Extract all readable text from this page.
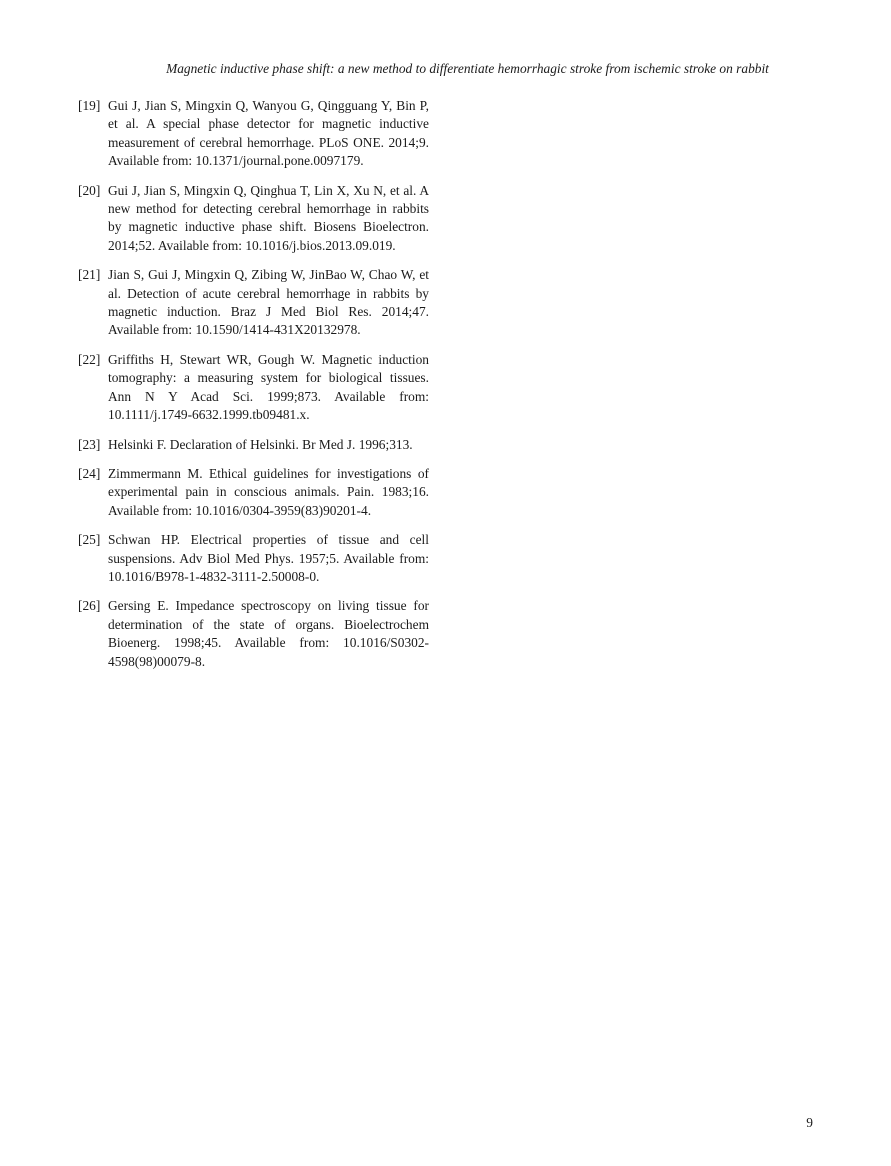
Magnetic inductive phase shift: a new method to differentiate hemorrhagic stroke from ischemic stroke on rabbit
[19] Gui J, Jian S, Mingxin Q, Wanyou G, Qingguang Y, Bin P, et al. A special phase detector for magnetic inductive measurement of cerebral hemorrhage. PLoS ONE. 2014;9. Available from: 10.1371/journal.pone.0097179.
[20] Gui J, Jian S, Mingxin Q, Qinghua T, Lin X, Xu N, et al. A new method for detecting cerebral hemorrhage in rabbits by magnetic inductive phase shift. Biosens Bioelectron. 2014;52. Available from: 10.1016/j.bios.2013.09.019.
[21] Jian S, Gui J, Mingxin Q, Zibing W, JinBao W, Chao W, et al. Detection of acute cerebral hemorrhage in rabbits by magnetic induction. Braz J Med Biol Res. 2014;47. Available from: 10.1590/1414-431X20132978.
[22] Griffiths H, Stewart WR, Gough W. Magnetic induction tomography: a measuring system for biological tissues. Ann N Y Acad Sci. 1999;873. Available from: 10.1111/j.1749-6632.1999.tb09481.x.
[23] Helsinki F. Declaration of Helsinki. Br Med J. 1996;313.
[24] Zimmermann M. Ethical guidelines for investigations of experimental pain in conscious animals. Pain. 1983;16. Available from: 10.1016/0304-3959(83)90201-4.
[25] Schwan HP. Electrical properties of tissue and cell suspensions. Adv Biol Med Phys. 1957;5. Available from: 10.1016/B978-1-4832-3111-2.50008-0.
[26] Gersing E. Impedance spectroscopy on living tissue for determination of the state of organs. Bioelectrochem Bioenerg. 1998;45. Available from: 10.1016/S0302-4598(98)00079-8.
9
